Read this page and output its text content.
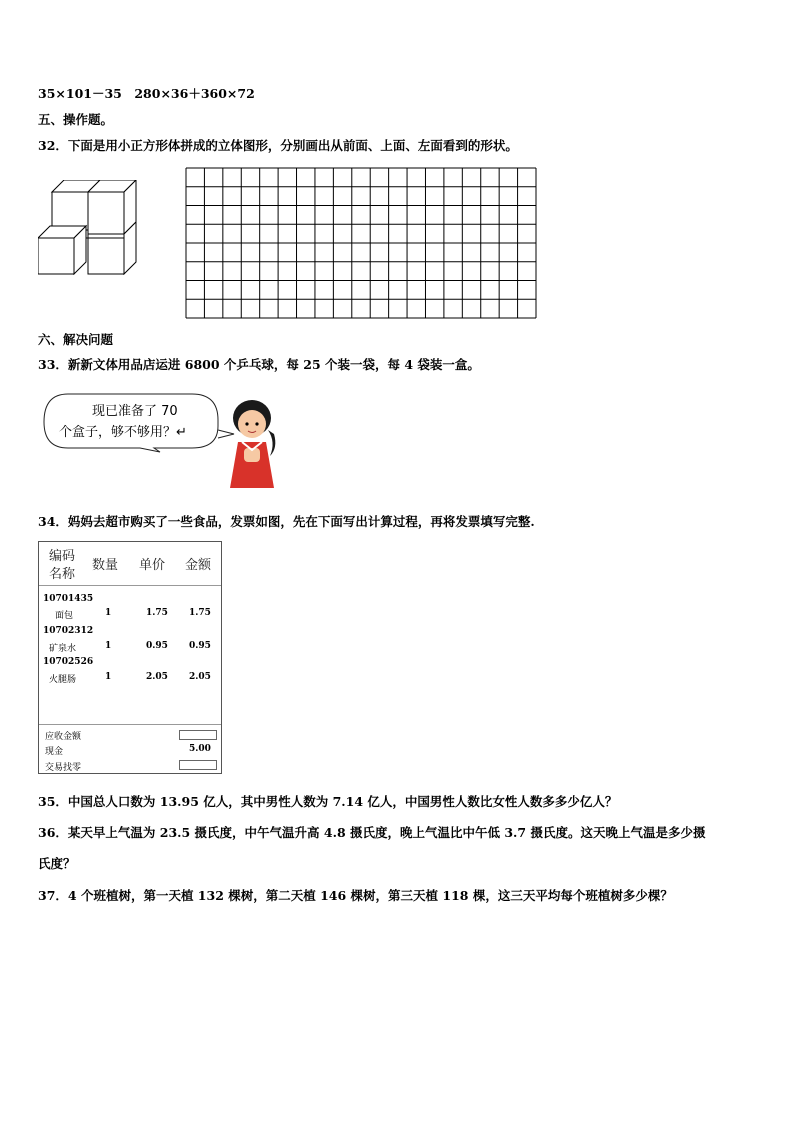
35×101－35　280×36＋360×72
五、操作题。
32．下面是用小正方形体拼成的立体图形，分别画出从前面、上面、左面看到的形状。
六、解决问题
33．新新文体用品店运进 6800 个乒乓球，每 25 个装一袋，每 4 袋装一盒。
现已准备了 70
个盒子，够不够用？↵
34．妈妈去超市购买了一些食品，发票如图，先在下面写出计算过程，再将发票填写完整.
编码
名称
数量 单价 金额
10701435
面包	1	1.75 1.75
10702312
矿泉水	1	0.95 0.95
10702526
火腿肠	1	2.05 2.05
应收金额
现金	5.00
交易找零
35．中国总人口数为 13.95 亿人，其中男性人数为 7.14 亿人，中国男性人数比女性人数多多少亿人？
36．某天早上气温为 23.5 摄氏度，中午气温升高 4.8 摄氏度，晚上气温比中午低 3.7 摄氏度。这天晚上气温是多少摄
氏度？
37．4 个班植树，第一天植 132 棵树，第二天植 146 棵树，第三天植 118 棵，这三天平均每个班植树多少棵？
